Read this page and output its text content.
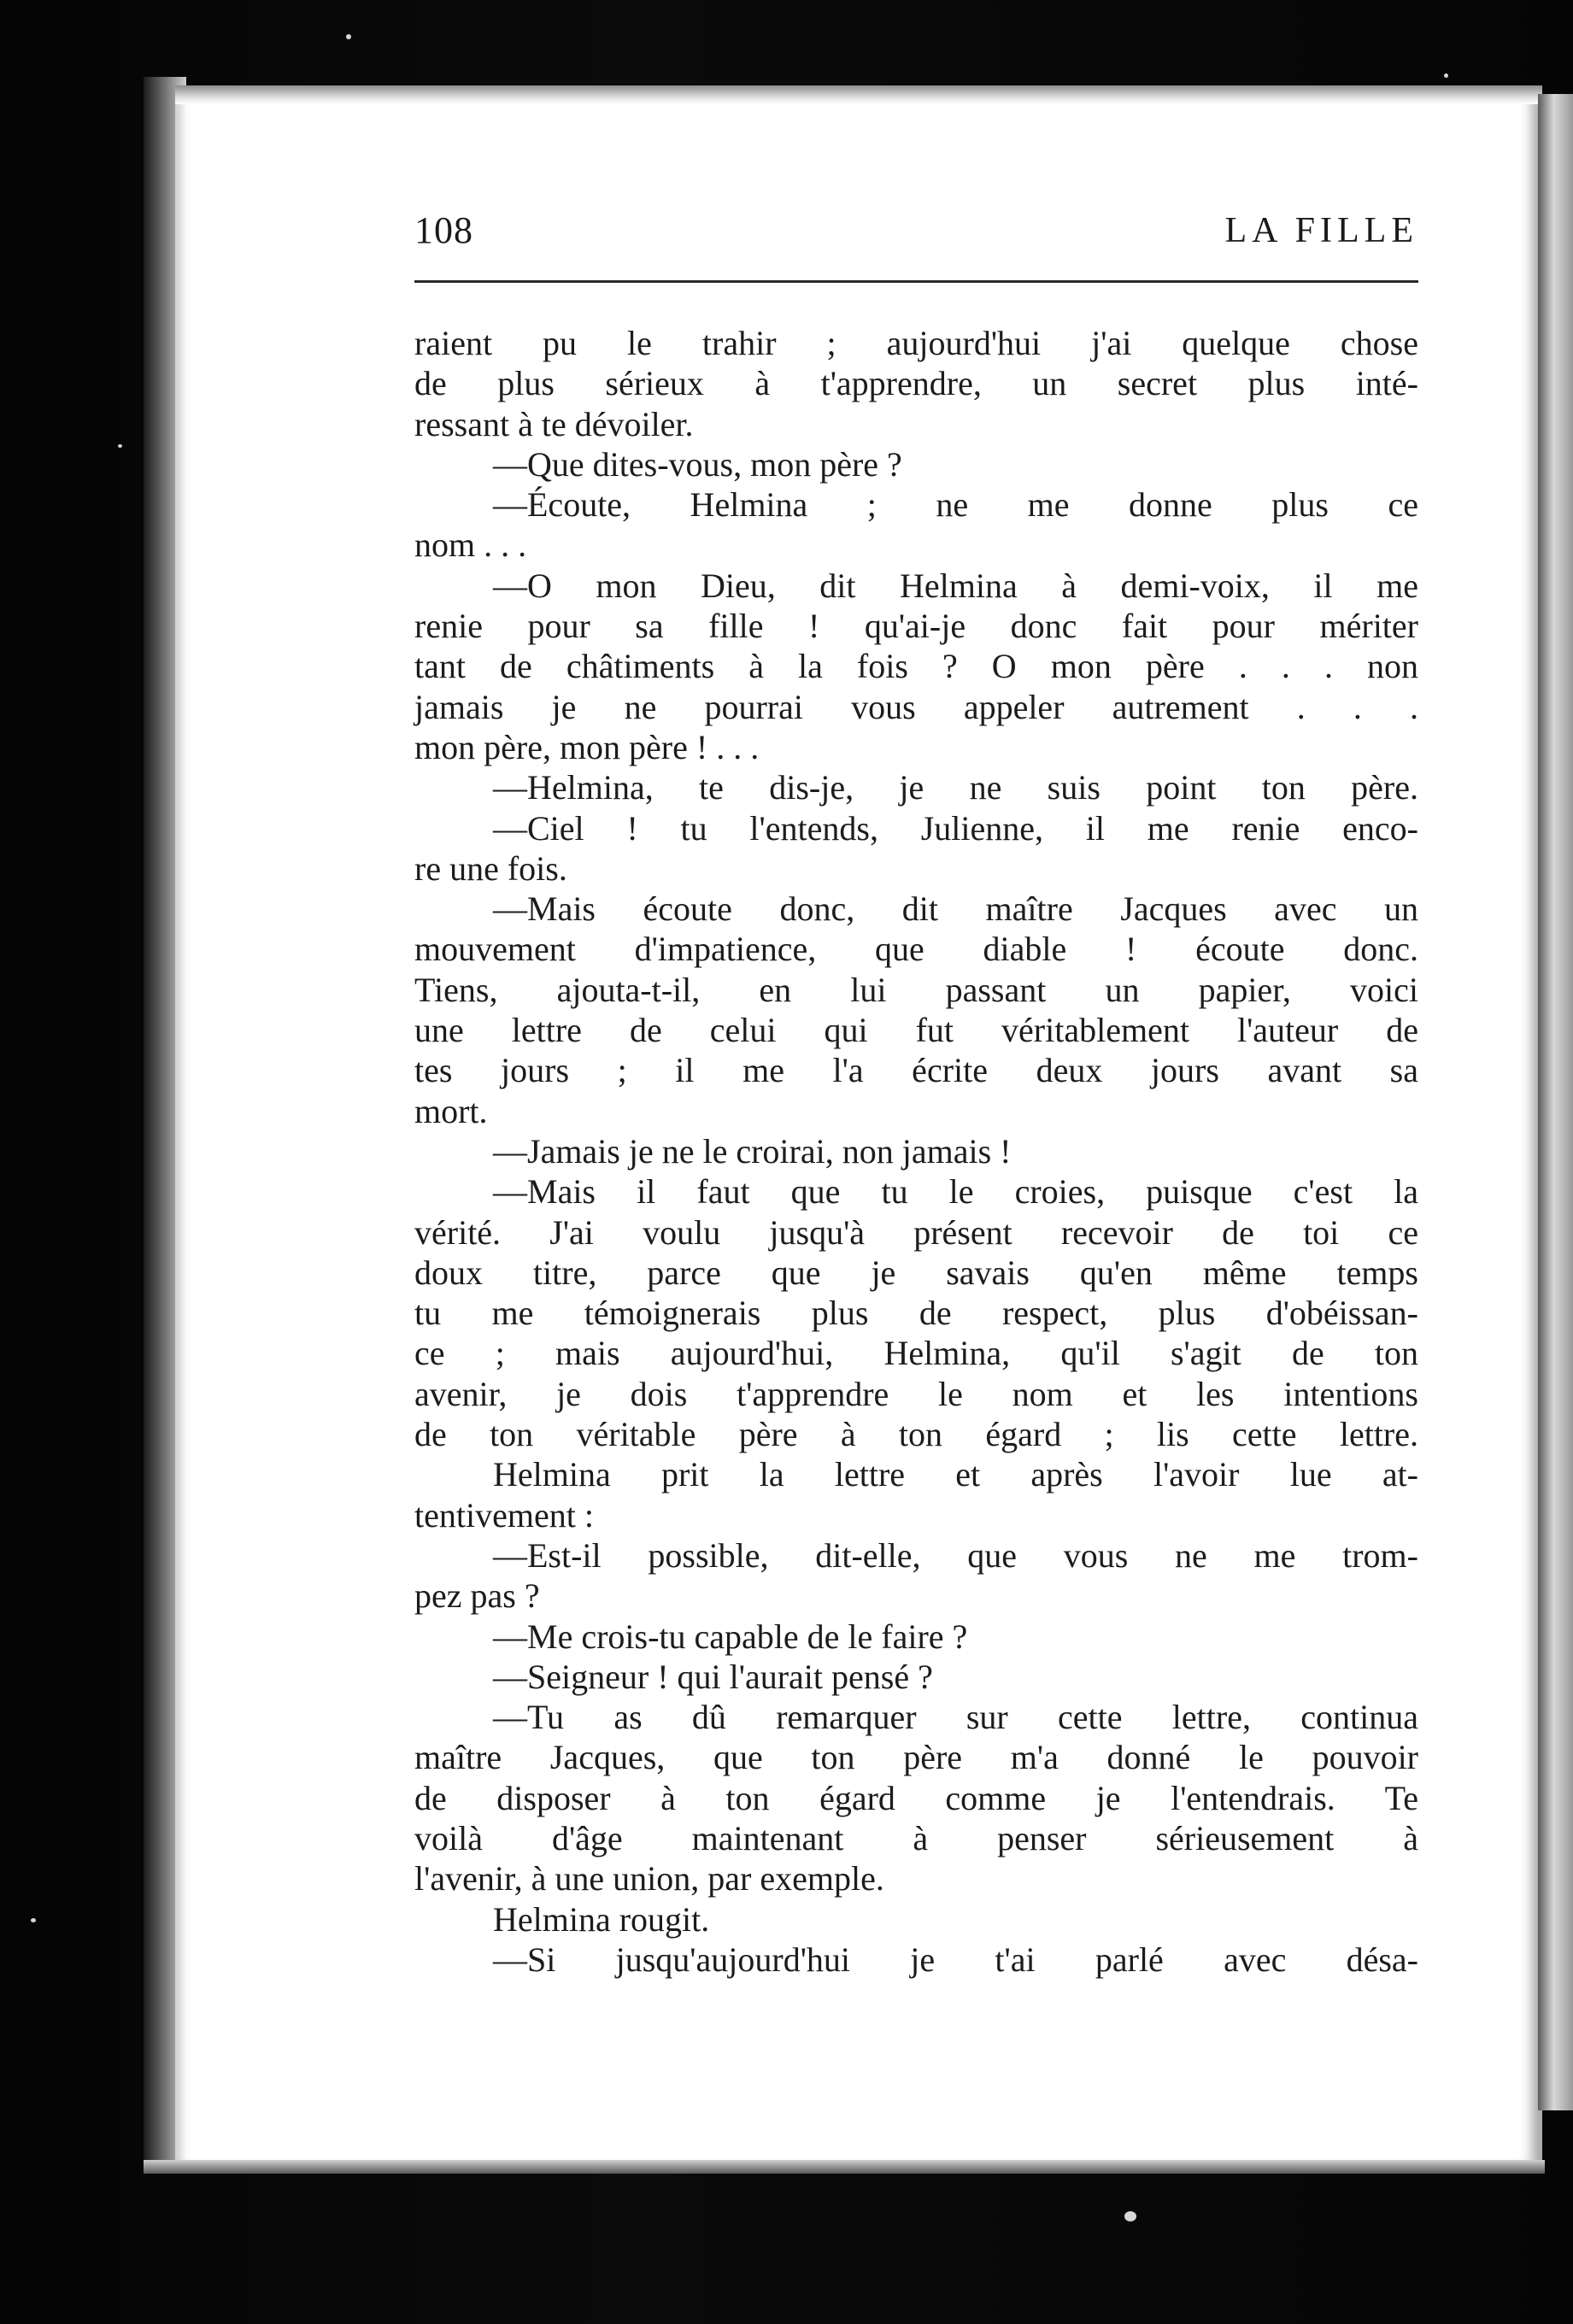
108	LA FILLE
raient pu le trahir ; aujourd'hui j'ai quelque chose
de plus sérieux à t'apprendre, un secret plus inté-
ressant à te dévoiler.
—Que dites-vous, mon père ?
—Écoute, Helmina ; ne me donne plus ce
nom . . .
—O mon Dieu, dit Helmina à demi-voix, il me
renie pour sa fille ! qu'ai-je donc fait pour mériter
tant de châtiments à la fois ? O mon père . . . non
jamais je ne pourrai vous appeler autrement . . .
mon père, mon père ! . . .
—Helmina, te dis-je, je ne suis point ton père.
—Ciel ! tu l'entends, Julienne, il me renie enco-
re une fois.
—Mais écoute donc, dit maître Jacques avec un
mouvement d'impatience, que diable ! écoute donc.
Tiens, ajouta-t-il, en lui passant un papier, voici
une lettre de celui qui fut véritablement l'auteur de
tes jours ; il me l'a écrite deux jours avant sa
mort.
—Jamais je ne le croirai, non jamais !
—Mais il faut que tu le croies, puisque c'est la
vérité. J'ai voulu jusqu'à présent recevoir de toi ce
doux titre, parce que je savais qu'en même temps
tu me témoignerais plus de respect, plus d'obéissan-
ce ; mais aujourd'hui, Helmina, qu'il s'agit de ton
avenir, je dois t'apprendre le nom et les intentions
de ton véritable père à ton égard ; lis cette lettre.
Helmina prit la lettre et après l'avoir lue at-
tentivement :
—Est-il possible, dit-elle, que vous ne me trom-
pez pas ?
—Me crois-tu capable de le faire ?
—Seigneur ! qui l'aurait pensé ?
—Tu as dû remarquer sur cette lettre, continua
maître Jacques, que ton père m'a donné le pouvoir
de disposer à ton égard comme je l'entendrais. Te
voilà d'âge maintenant à penser sérieusement à
l'avenir, à une union, par exemple.
Helmina rougit.
—Si jusqu'aujourd'hui je t'ai parlé avec désa-
